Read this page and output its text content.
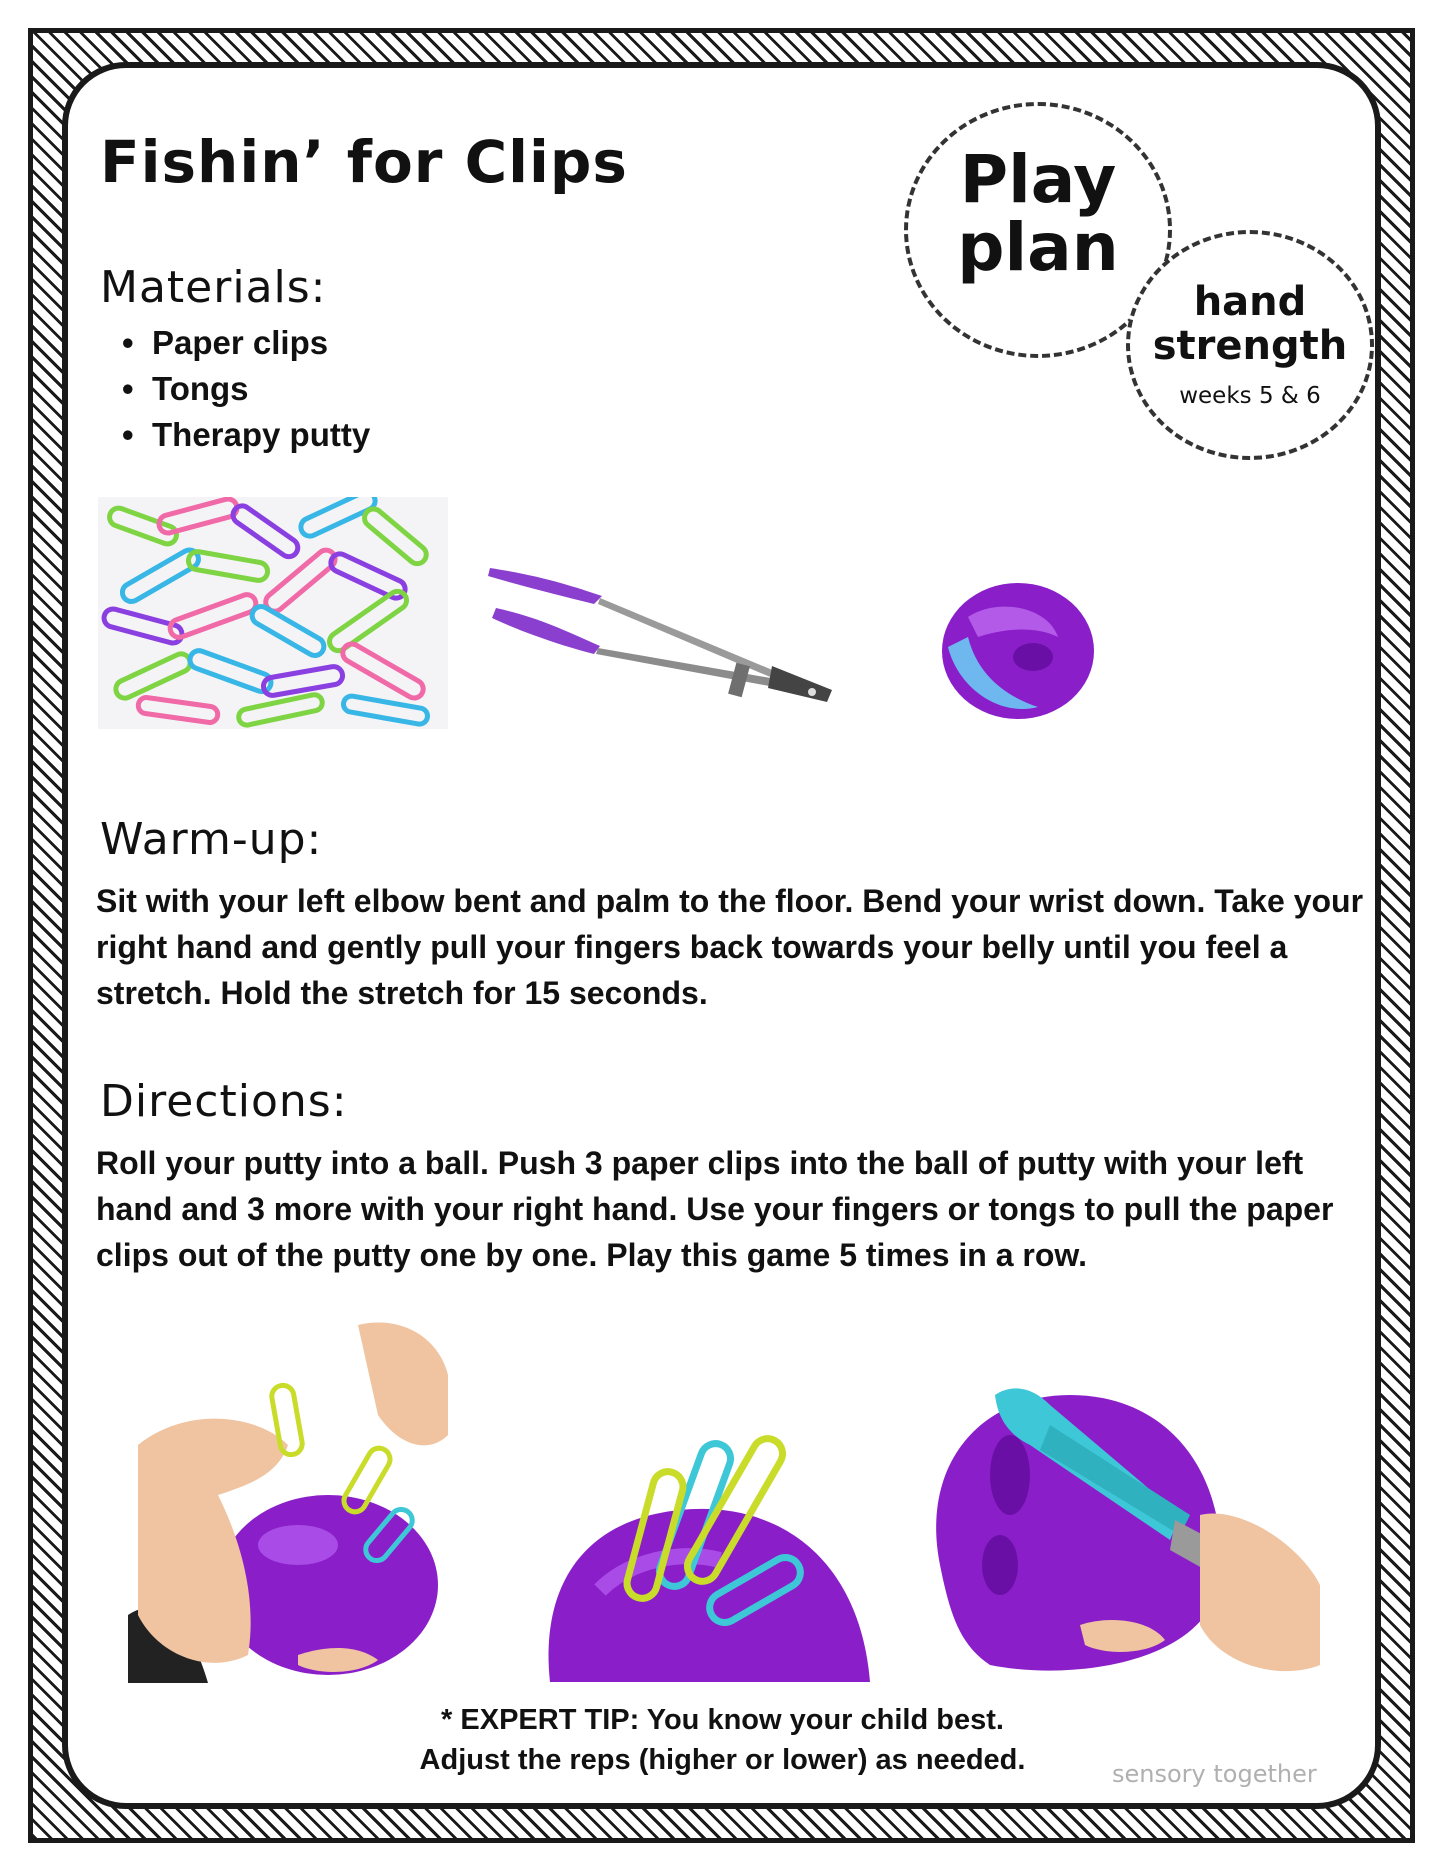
Fishin’ for Clips	Play
plan

hand

strength

weeks 5 & 6

Materials:
• Paper clips
• Tongs
• Therapy putty
Warm-up:

Sit with your left elbow bent and palm to the floor. Bend your wrist down. Take your right hand and gently pull your fingers back towards your belly until you feel a stretch. Hold the stretch for 15 seconds.

Directions:

Roll your putty into a ball. Push 3 paper clips into the ball of putty with your left hand and 3 more with your right hand. Use your fingers or tongs to pull the paper clips out of the putty one by one. Play this game 5 times in a row.

* EXPERT TIP: You know your child best.

Adjust the reps (higher or lower) as needed.	sensory together
